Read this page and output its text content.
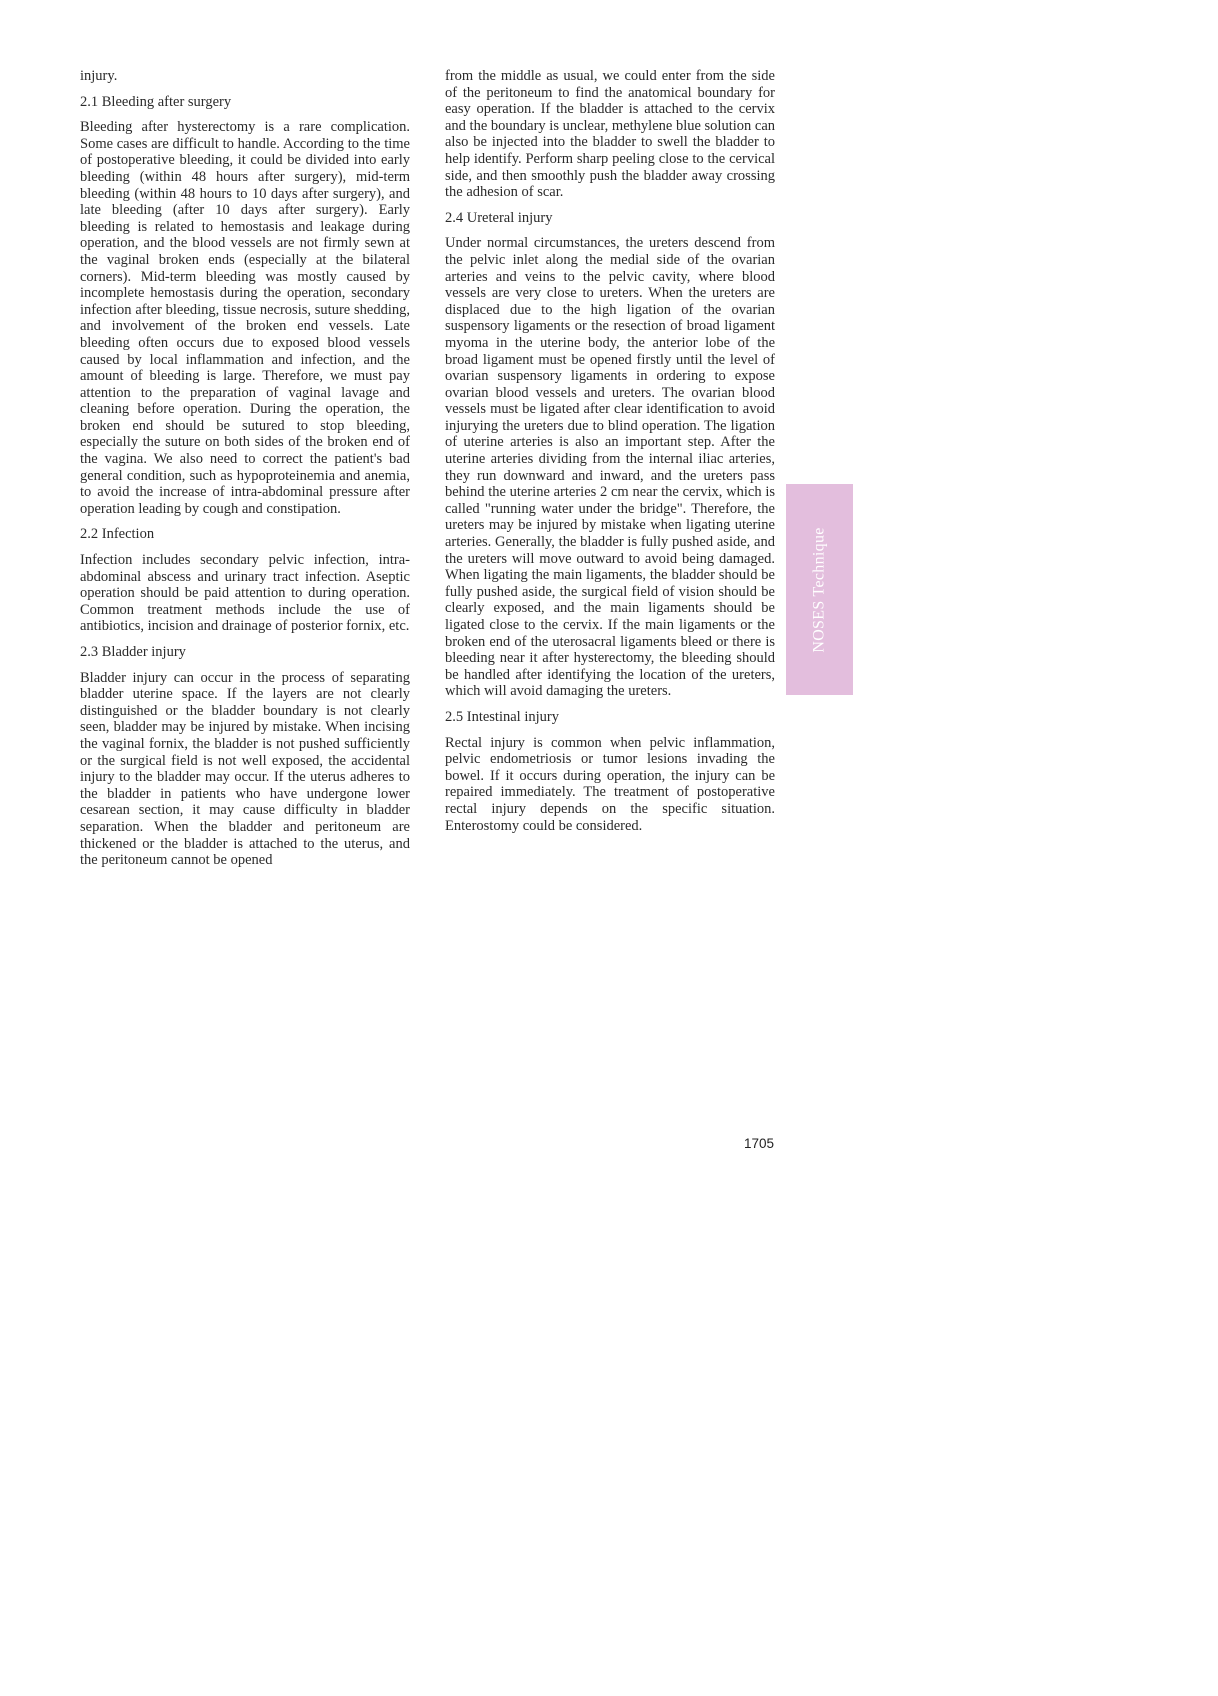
injury.

2.1 Bleeding after surgery

Bleeding after hysterectomy is a rare complication. Some cases are difficult to handle. According to the time of postoperative bleeding, it could be divided into early bleeding (within 48 hours after surgery), mid-term bleeding (within 48 hours to 10 days after surgery), and late bleeding (after 10 days after surgery). Early bleeding is related to hemostasis and leakage during operation, and the blood vessels are not firmly sewn at the vaginal broken ends (especially at the bilateral corners). Mid-term bleeding was mostly caused by incomplete hemostasis during the operation, secondary infection after bleeding, tissue necrosis, suture shedding, and involvement of the broken end vessels. Late bleeding often occurs due to exposed blood vessels caused by local inflammation and infection, and the amount of bleeding is large. Therefore, we must pay attention to the preparation of vaginal lavage and cleaning before operation. During the operation, the broken end should be sutured to stop bleeding, especially the suture on both sides of the broken end of the vagina. We also need to correct the patient's bad general condition, such as hypoproteinemia and anemia, to avoid the increase of intra-abdominal pressure after operation leading by cough and constipation.

2.2 Infection

Infection includes secondary pelvic infection, intra-abdominal abscess and urinary tract infection. Aseptic operation should be paid attention to during operation. Common treatment methods include the use of antibiotics, incision and drainage of posterior fornix, etc.

2.3 Bladder injury

Bladder injury can occur in the process of separating bladder uterine space. If the layers are not clearly distinguished or the bladder boundary is not clearly seen, bladder may be injured by mistake. When incising the vaginal fornix, the bladder is not pushed sufficiently or the surgical field is not well exposed, the accidental injury to the bladder may occur. If the uterus adheres to the bladder in patients who have undergone lower cesarean section, it may cause difficulty in bladder separation. When the bladder and peritoneum are thickened or the bladder is attached to the uterus, and the peritoneum cannot be opened

from the middle as usual, we could enter from the side of the peritoneum to find the anatomical boundary for easy operation. If the bladder is attached to the cervix and the boundary is unclear, methylene blue solution can also be injected into the bladder to swell the bladder to help identify. Perform sharp peeling close to the cervical side, and then smoothly push the bladder away crossing the adhesion of scar.

2.4 Ureteral injury

Under normal circumstances, the ureters descend from the pelvic inlet along the medial side of the ovarian arteries and veins to the pelvic cavity, where blood vessels are very close to ureters. When the ureters are displaced due to the high ligation of the ovarian suspensory ligaments or the resection of broad ligament myoma in the uterine body, the anterior lobe of the broad ligament must be opened firstly until the level of ovarian suspensory ligaments in ordering to expose ovarian blood vessels and ureters. The ovarian blood vessels must be ligated after clear identification to avoid injurying the ureters due to blind operation. The ligation of uterine arteries is also an important step. After the uterine arteries dividing from the internal iliac arteries, they run downward and inward, and the ureters pass behind the uterine arteries 2 cm near the cervix, which is called "running water under the bridge". Therefore, the ureters may be injured by mistake when ligating uterine arteries. Generally, the bladder is fully pushed aside, and the ureters will move outward to avoid being damaged. When ligating the main ligaments, the bladder should be fully pushed aside, the surgical field of vision should be clearly exposed, and the main ligaments should be ligated close to the cervix. If the main ligaments or the broken end of the uterosacral ligaments bleed or there is bleeding near it after hysterectomy, the bleeding should be handled after identifying the location of the ureters, which will avoid damaging the ureters.

2.5 Intestinal injury

Rectal injury is common when pelvic inflammation, pelvic endometriosis or tumor lesions invading the bowel. If it occurs during operation, the injury can be repaired immediately. The treatment of postoperative rectal injury depends on the specific situation. Enterostomy could be considered.

NOSES Technique
1705
